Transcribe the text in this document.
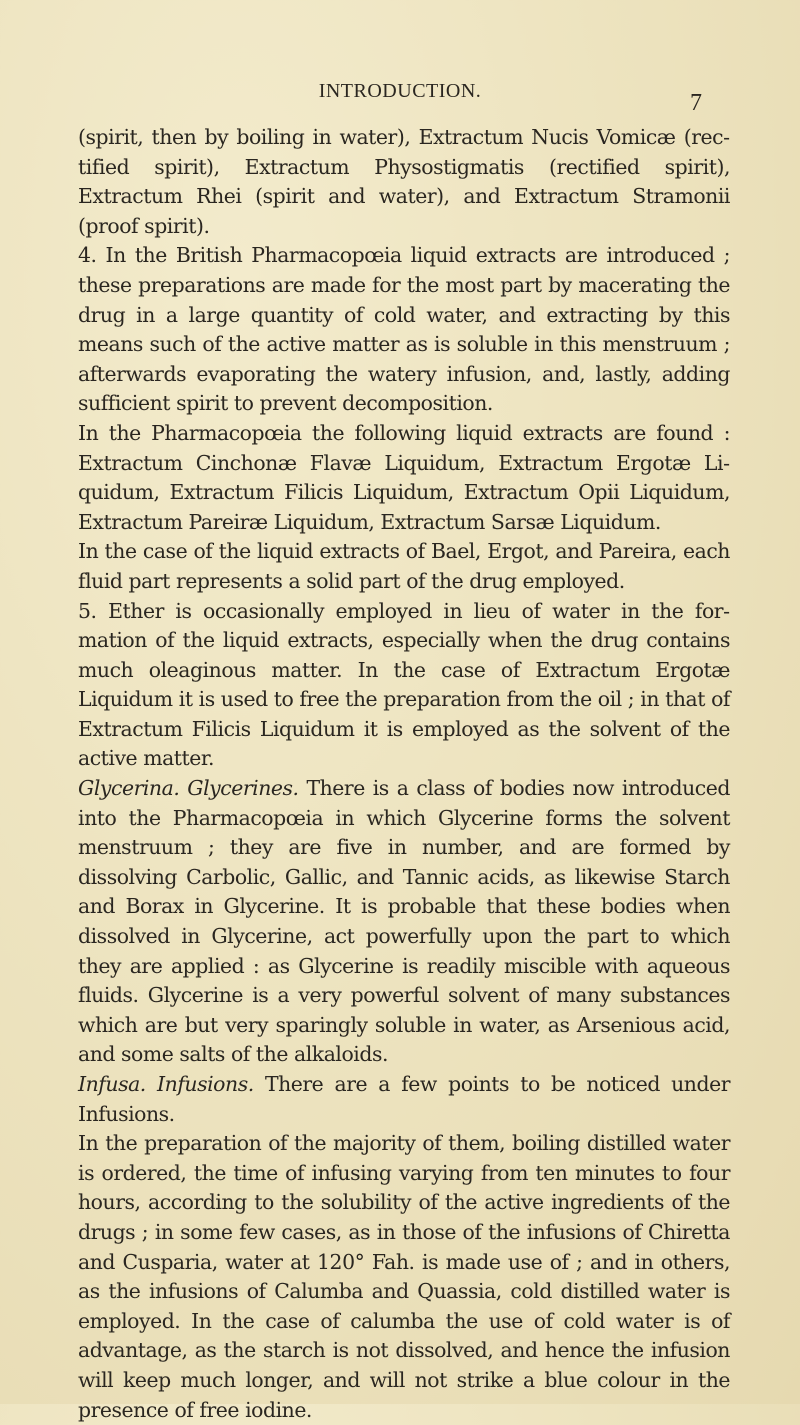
INTRODUCTION.	7

(spirit, then by boiling in water), Extractum Nucis Vomicæ (rectified spirit), Extractum Physostigmatis (rectified spirit), Extractum Rhei (spirit and water), and Extractum Stramonii (proof spirit).

4. In the British Pharmacopœia liquid extracts are introduced ; these preparations are made for the most part by macerating the drug in a large quantity of cold water, and extracting by this means such of the active matter as is soluble in this menstruum ; afterwards evaporating the watery infusion, and, lastly, adding sufficient spirit to prevent decomposition.

In the Pharmacopœia the following liquid extracts are found : Extractum Cinchonæ Flavæ Liquidum, Extractum Ergotæ Liquidum, Extractum Filicis Liquidum, Extractum Opii Liquidum, Extractum Pareiræ Liquidum, Extractum Sarsæ Liquidum.

In the case of the liquid extracts of Bael, Ergot, and Pareira, each fluid part represents a solid part of the drug employed.

5. Ether is occasionally employed in lieu of water in the formation of the liquid extracts, especially when the drug contains much oleaginous matter. In the case of Extractum Ergotæ Liquidum it is used to free the preparation from the oil ; in that of Extractum Filicis Liquidum it is employed as the solvent of the active matter.

Glycerina. Glycerines. There is a class of bodies now introduced into the Pharmacopœia in which Glycerine forms the solvent menstruum ; they are five in number, and are formed by dissolving Carbolic, Gallic, and Tannic acids, as likewise Starch and Borax in Glycerine. It is probable that these bodies when dissolved in Glycerine, act powerfully upon the part to which they are applied : as Glycerine is readily miscible with aqueous fluids. Glycerine is a very powerful solvent of many substances which are but very sparingly soluble in water, as Arsenious acid, and some salts of the alkaloids.

Infusa. Infusions. There are a few points to be noticed under Infusions.

In the preparation of the majority of them, boiling distilled water is ordered, the time of infusing varying from ten minutes to four hours, according to the solubility of the active ingredients of the drugs ; in some few cases, as in those of the infusions of Chiretta and Cusparia, water at 120° Fah. is made use of ; and in others, as the infusions of Calumba and Quassia, cold distilled water is employed. In the case of calumba the use of cold water is of advantage, as the starch is not dissolved, and hence the infusion will keep much longer, and will not strike a blue colour in the presence of free iodine.
